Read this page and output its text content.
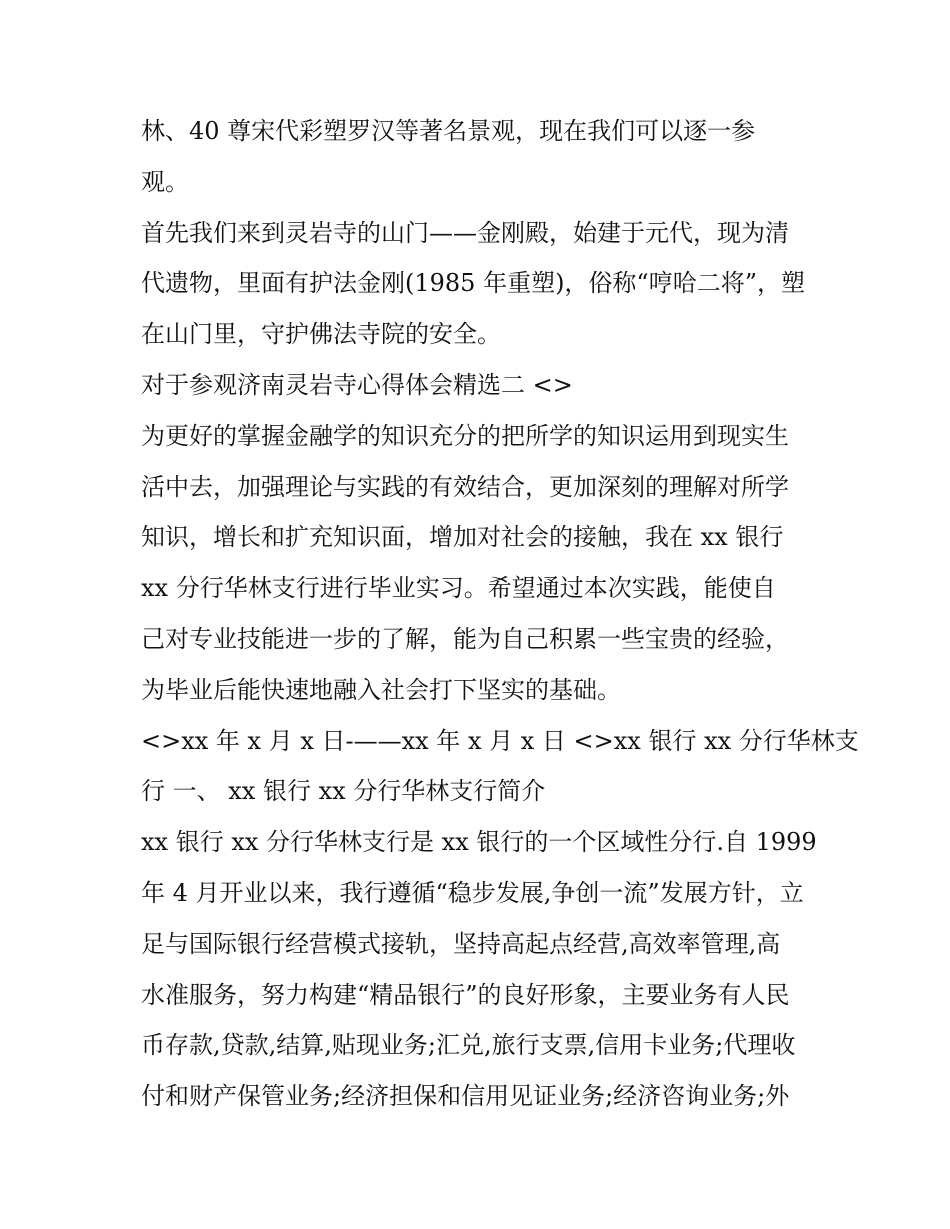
林、40 尊宋代彩塑罗汉等著名景观，现在我们可以逐一参
观。
首先我们来到灵岩寺的山门——金刚殿，始建于元代，现为清
代遗物，里面有护法金刚(1985 年重塑)，俗称“哼哈二将”，塑
在山门里，守护佛法寺院的安全。
对于参观济南灵岩寺心得体会精选二 <>
为更好的掌握金融学的知识充分的把所学的知识运用到现实生
活中去，加强理论与实践的有效结合，更加深刻的理解对所学
知识，增长和扩充知识面，增加对社会的接触，我在 xx 银行
xx 分行华林支行进行毕业实习。希望通过本次实践，能使自
己对专业技能进一步的了解，能为自己积累一些宝贵的经验，
为毕业后能快速地融入社会打下坚实的基础。
<>xx 年 x 月 x 日-——xx 年 x 月 x 日 <>xx 银行 xx 分行华林支
行 一、 xx 银行 xx 分行华林支行简介
xx 银行 xx 分行华林支行是 xx 银行的一个区域性分行.自 1999
年 4 月开业以来，我行遵循“稳步发展,争创一流”发展方针，立
足与国际银行经营模式接轨，坚持高起点经营,高效率管理,高
水准服务，努力构建“精品银行”的良好形象，主要业务有人民
币存款,贷款,结算,贴现业务;汇兑,旅行支票,信用卡业务;代理收
付和财产保管业务;经济担保和信用见证业务;经济咨询业务;外
